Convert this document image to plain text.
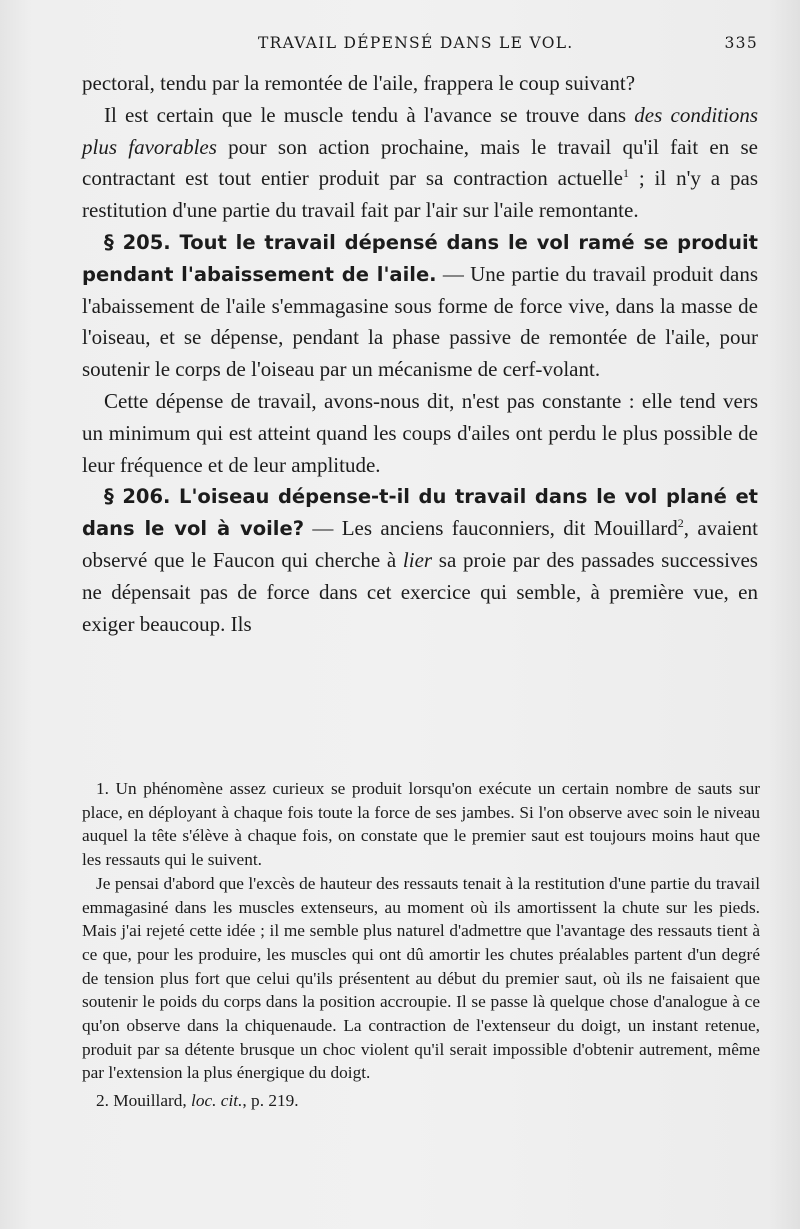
TRAVAIL DÉPENSÉ DANS LE VOL.	335

pectoral, tendu par la remontée de l'aile, frappera le coup suivant?

Il est certain que le muscle tendu à l'avance se trouve dans des conditions plus favorables pour son action prochaine, mais le travail qu'il fait en se contractant est tout entier produit par sa contraction actuelle$^1$ ; il n'y a pas restitution d'une partie du travail fait par l'air sur l'aile remontante.

§ 205. Tout le travail dépensé dans le vol ramé se produit pendant l'abaissement de l'aile. — Une partie du travail produit dans l'abaissement de l'aile s'emmagasine sous forme de force vive, dans la masse de l'oiseau, et se dépense, pendant la phase passive de remontée de l'aile, pour soutenir le corps de l'oiseau par un mécanisme de cerf-volant.

Cette dépense de travail, avons-nous dit, n'est pas constante : elle tend vers un minimum qui est atteint quand les coups d'ailes ont perdu le plus possible de leur fréquence et de leur amplitude.

§ 206. L'oiseau dépense-t-il du travail dans le vol plané et dans le vol à voile? — Les anciens fauconniers, dit Mouillard$^2$, avaient observé que le Faucon qui cherche à lier sa proie par des passades successives ne dépensait pas de force dans cet exercice qui semble, à première vue, en exiger beaucoup. Ils

1. Un phénomène assez curieux se produit lorsqu'on exécute un certain nombre de sauts sur place, en déployant à chaque fois toute la force de ses jambes. Si l'on observe avec soin le niveau auquel la tête s'élève à chaque fois, on constate que le premier saut est toujours moins haut que les ressauts qui le suivent.

Je pensai d'abord que l'excès de hauteur des ressauts tenait à la restitution d'une partie du travail emmagasiné dans les muscles extenseurs, au moment où ils amortissent la chute sur les pieds. Mais j'ai rejeté cette idée ; il me semble plus naturel d'admettre que l'avantage des ressauts tient à ce que, pour les produire, les muscles qui ont dû amortir les chutes préalables partent d'un degré de tension plus fort que celui qu'ils présentent au début du premier saut, où ils ne faisaient que soutenir le poids du corps dans la position accroupie. Il se passe là quelque chose d'analogue à ce qu'on observe dans la chiquenaude. La contraction de l'extenseur du doigt, un instant retenue, produit par sa détente brusque un choc violent qu'il serait impossible d'obtenir autrement, même par l'extension la plus énergique du doigt.

2. Mouillard, loc. cit., p. 219.
